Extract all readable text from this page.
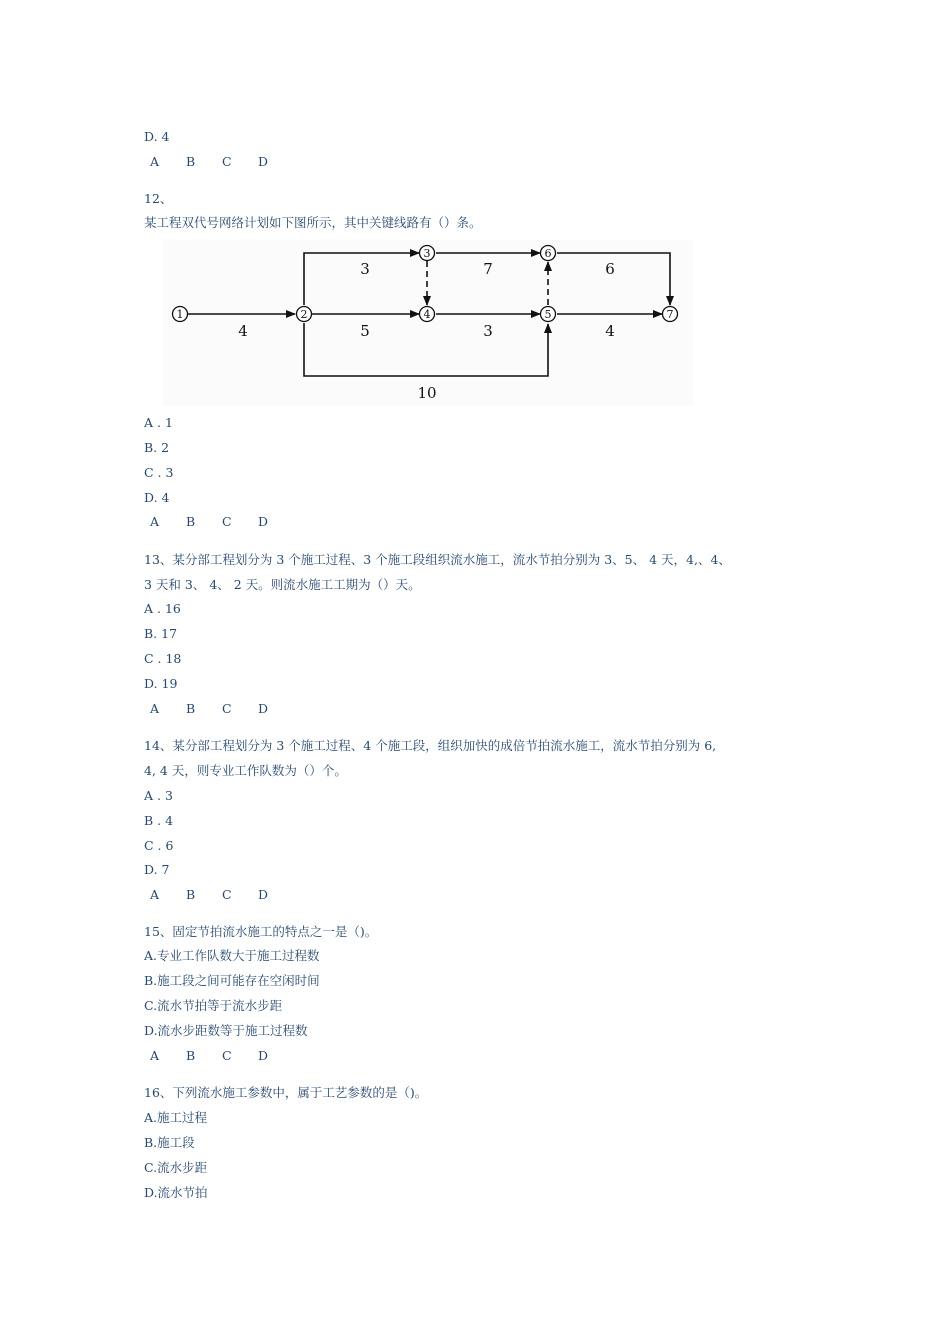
D. 4
A B C D
12、
某工程双代号网络计划如下图所示，其中关键线路有（）条。
4
3
5
10
7
3
6
4
1	2
3
4	5
6
7
A . 1
B. 2
C . 3
D. 4
A B C D
13、某分部工程划分为 3 个施工过程、3 个施工段组织流水施工，流水节拍分别为 3、5、 4 天，4,、4、
3 天和 3、 4、 2 天。则流水施工工期为（）天。
A . 16
B. 17
C . 18
D. 19
A B C D
14、某分部工程划分为 3 个施工过程、4 个施工段，组织加快的成倍节拍流水施工，流水节拍分别为 6,
4, 4 天，则专业工作队数为（）个。
A . 3
B . 4
C . 6
D. 7
A B C D
15、固定节拍流水施工的特点之一是（)。
A.专业工作队数大于施工过程数
B.施工段之间可能存在空闲时间
C.流水节拍等于流水步距
D.流水步距数等于施工过程数
A B C D
16、下列流水施工参数中，属于工艺参数的是（)。
A.施工过程
B.施工段
C.流水步距
D.流水节拍
